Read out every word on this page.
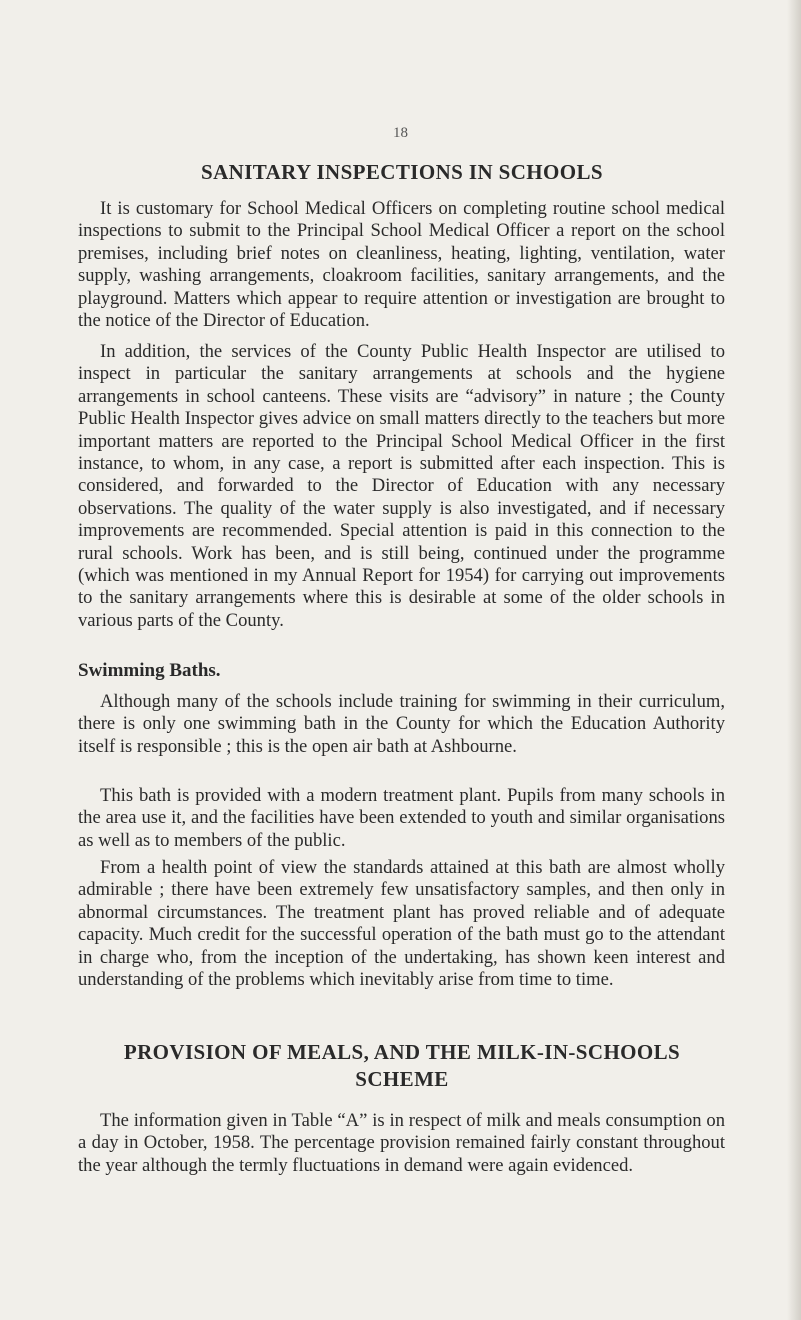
18
SANITARY INSPECTIONS IN SCHOOLS

It is customary for School Medical Officers on completing routine school medical inspections to submit to the Principal School Medical Officer a report on the school premises, including brief notes on cleanliness, heating, lighting, ventilation, water supply, washing arrangements, cloakroom facilities, sanitary arrangements, and the playground. Matters which appear to require attention or investigation are brought to the notice of the Director of Education.

In addition, the services of the County Public Health Inspector are utilised to inspect in particular the sanitary arrangements at schools and the hygiene arrangements in school canteens. These visits are “advisory” in nature ; the County Public Health Inspector gives advice on small matters directly to the teachers but more important matters are reported to the Principal School Medical Officer in the first instance, to whom, in any case, a report is submitted after each inspection. This is considered, and forwarded to the Director of Education with any necessary observations. The quality of the water supply is also investigated, and if necessary improvements are recommended. Special attention is paid in this connection to the rural schools. Work has been, and is still being, continued under the programme (which was mentioned in my Annual Report for 1954) for carrying out improvements to the sanitary arrangements where this is desirable at some of the older schools in various parts of the County.

Swimming Baths.

Although many of the schools include training for swimming in their curriculum, there is only one swimming bath in the County for which the Education Authority itself is responsible ; this is the open air bath at Ashbourne.

This bath is provided with a modern treatment plant. Pupils from many schools in the area use it, and the facilities have been extended to youth and similar organisations as well as to members of the public.

From a health point of view the standards attained at this bath are almost wholly admirable ; there have been extremely few unsatisfactory samples, and then only in abnormal circumstances. The treatment plant has proved reliable and of adequate capacity. Much credit for the successful operation of the bath must go to the attendant in charge who, from the inception of the undertaking, has shown keen interest and understanding of the problems which inevitably arise from time to time.

PROVISION OF MEALS, AND THE MILK-IN-SCHOOLS
SCHEME

The information given in Table “A” is in respect of milk and meals consumption on a day in October, 1958. The percentage provision remained fairly constant throughout the year although the termly fluctuations in demand were again evidenced.
